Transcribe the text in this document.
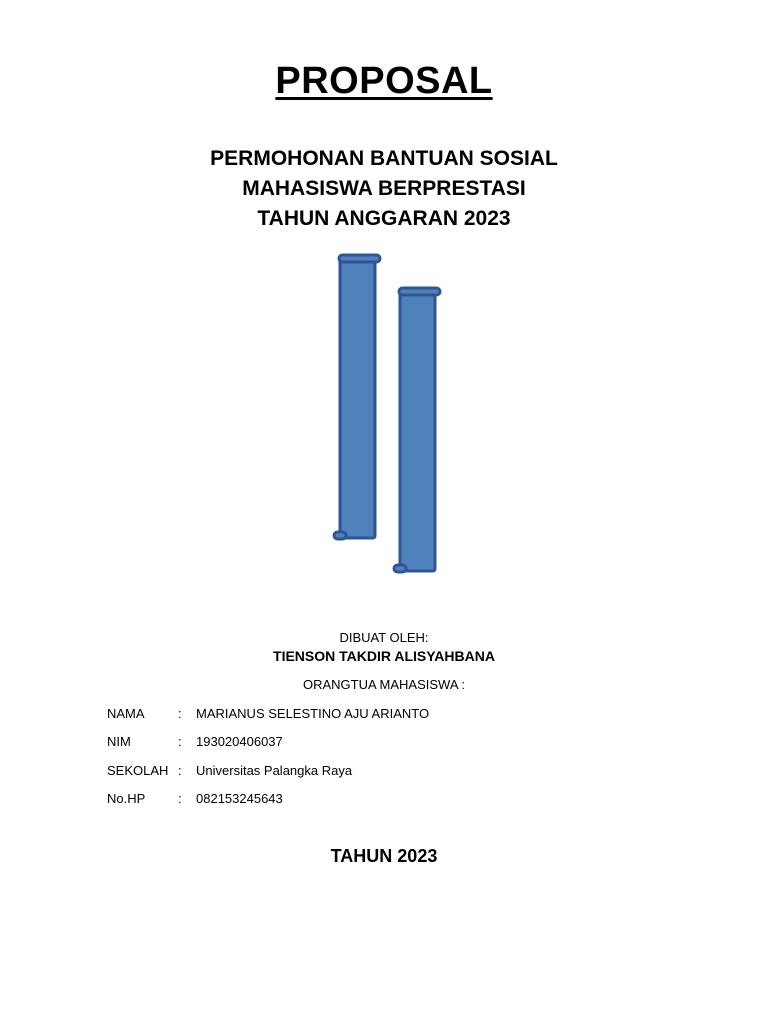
PROPOSAL
PERMOHONAN BANTUAN SOSIAL
MAHASISWA BERPRESTASI
TAHUN ANGGARAN 2023
DIBUAT OLEH:
TIENSON TAKDIR ALISYAHBANA
ORANGTUA MAHASISWA :
NAMA	:	MARIANUS SELESTINO AJU ARIANTO
NIM	:	193020406037
SEKOLAH :	Universitas Palangka Raya
No.HP	:	082153245643
TAHUN 2023
